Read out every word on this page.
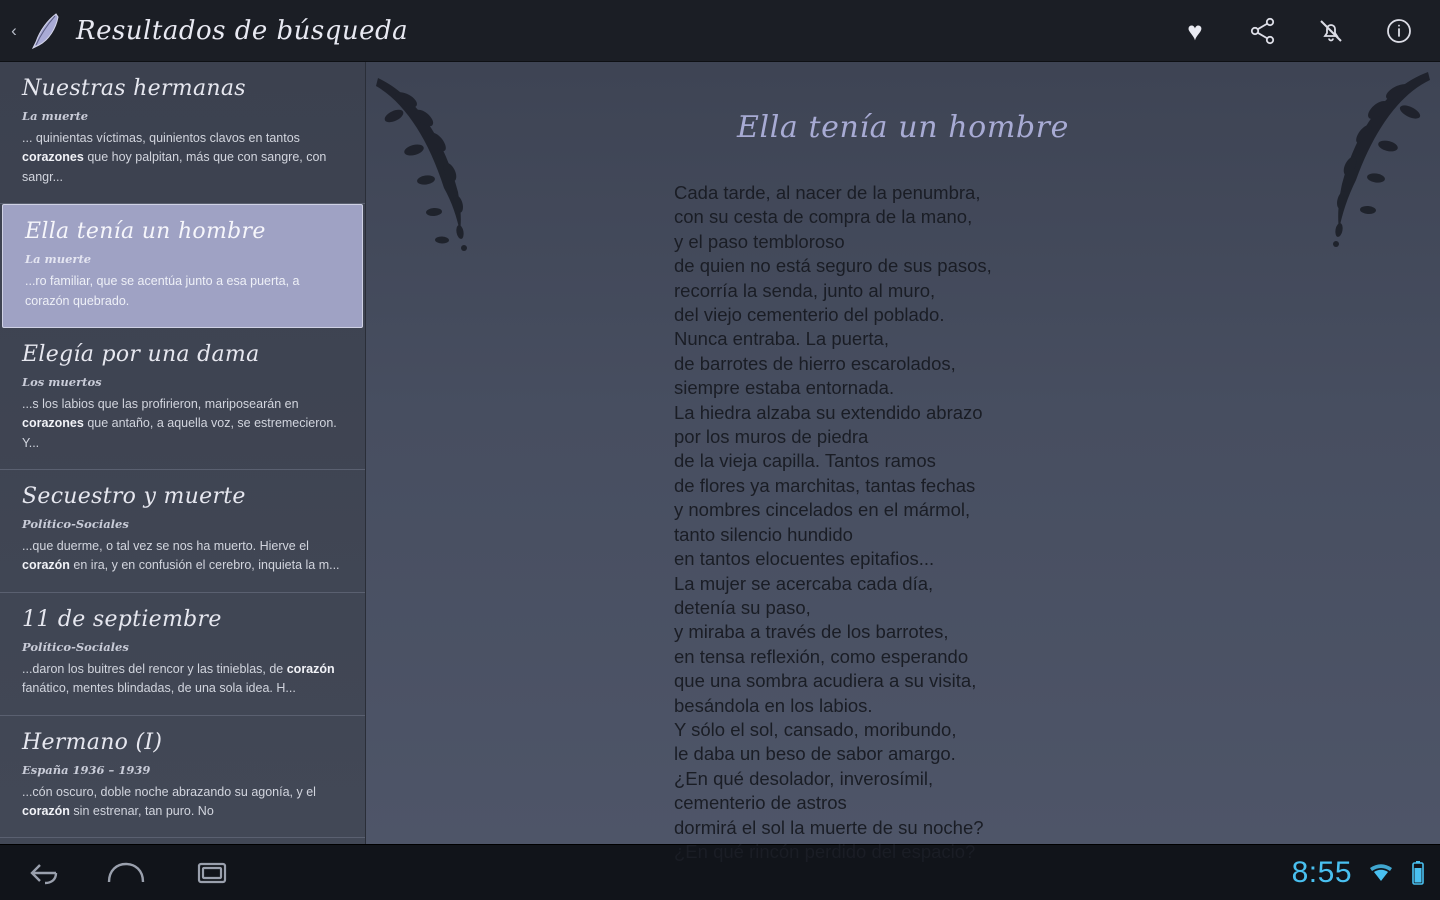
‹ Resultados de búsqueda	♥
Nuestras hermanas
La muerte
... quinientas víctimas, quinientos clavos en tantos corazones que hoy palpitan, más que con sangre, con sangr...
Ella tenía un hombre
La muerte
...ro familiar, que se acentúa junto a esa puerta, a corazón quebrado.
Elegía por una dama
Los muertos
...s los labios que las profirieron, mariposearán en corazones que antaño, a aquella voz, se estremecieron. Y...
Secuestro y muerte
Político-Sociales
...que duerme, o tal vez se nos ha muerto. Hierve el corazón en ira, y en confusión el cerebro, inquieta la m...
11 de septiembre
Político-Sociales
...daron los buitres del rencor y las tinieblas, de corazón fanático, mentes blindadas, de una sola idea. H...
Hermano (I)
España 1936 – 1939
...cón oscuro, doble noche abrazando su agonía, y el corazón sin estrenar, tan puro. No
Ella tenía un hombre
Cada tarde, al nacer de la penumbra,
con su cesta de compra de la mano,
y el paso tembloroso
de quien no está seguro de sus pasos,
recorría la senda, junto al muro,
del viejo cementerio del poblado.
Nunca entraba. La puerta,
de barrotes de hierro escarolados,
siempre estaba entornada.
La hiedra alzaba su extendido abrazo
por los muros de piedra
de la vieja capilla. Tantos ramos
de flores ya marchitas, tantas fechas
y nombres cincelados en el mármol,
tanto silencio hundido
en tantos elocuentes epitafios...
La mujer se acercaba cada día,
detenía su paso,
y miraba a través de los barrotes,
en tensa reflexión, como esperando
que una sombra acudiera a su visita,
besándola en los labios.
Y sólo el sol, cansado, moribundo,
le daba un beso de sabor amargo.
¿En qué desolador, inverosímil,
cementerio de astros
dormirá el sol la muerte de su noche?
¿En qué rincón perdido del espacio?
8:55
